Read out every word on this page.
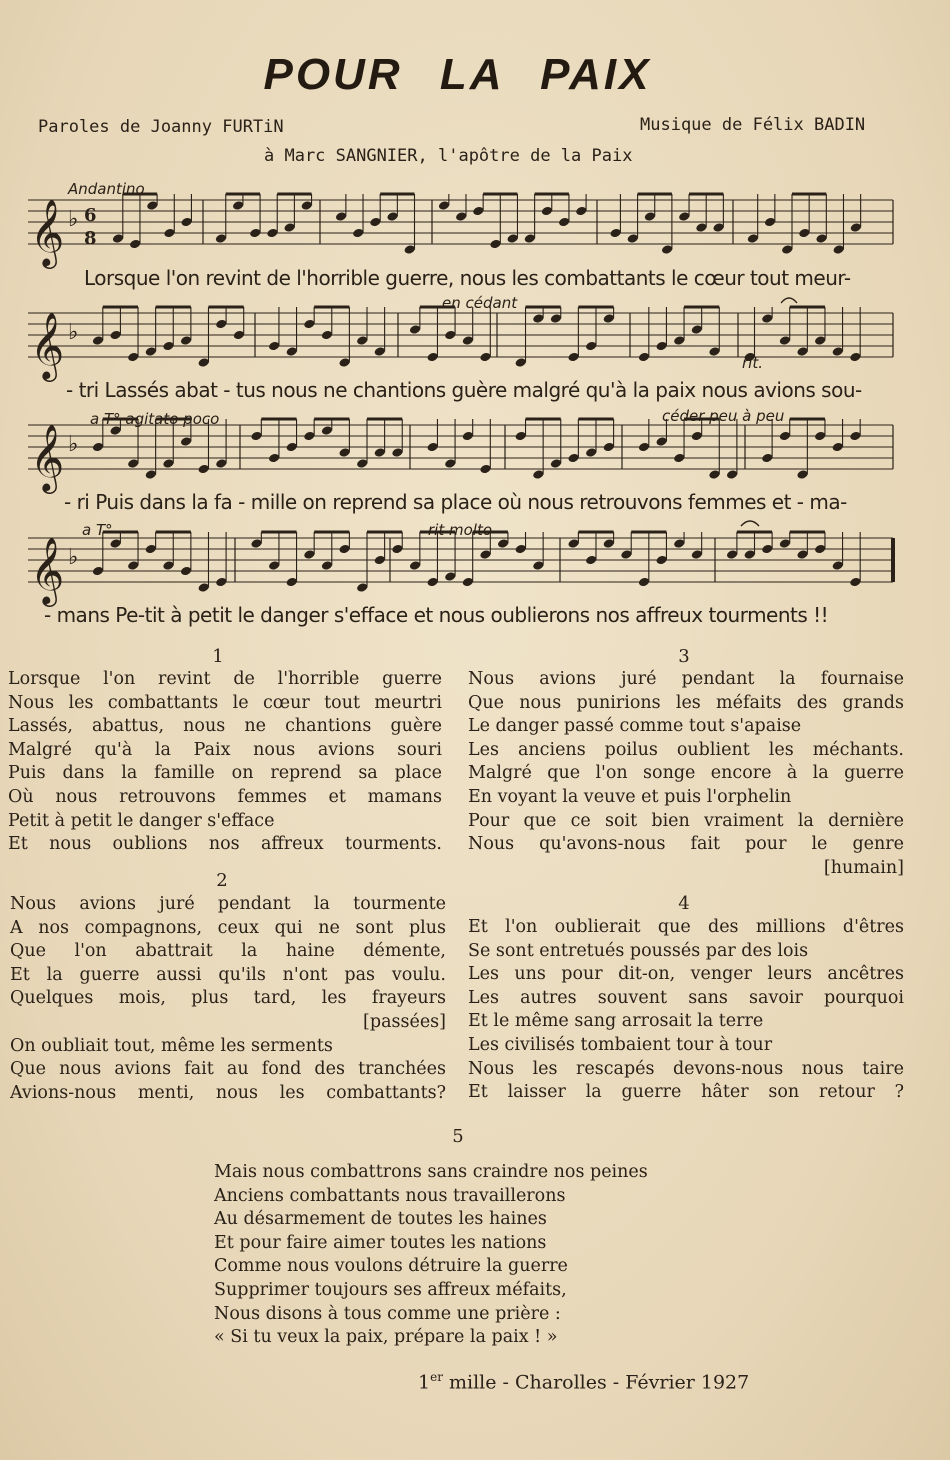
POUR LA PAIX
Paroles de Joanny FURTiN	Musique de Félix BADIN
à Marc SANGNIER, l'apôtre de la Paix
𝄞 ♭ 6
8
𝄞 ♭
𝄞 ♭
𝄞 ♭
Andantino
Lorsque l'on revint de l'horrible guerre, nous les combattants le cœur tout meur-
en cédant
rit.
- tri Lassés abat - tus nous ne chantions guère malgré qu'à la paix nous avions sou-
a T° agitato poco	céder peu à peu
- ri Puis dans la fa - mille on reprend sa place où nous retrouvons femmes et - ma-
a T°	rit molto
- mans Pe-tit à petit le danger s'efface et nous oublierons nos affreux tourments !!
1
Lorsque l'on revint de l'horrible guerre
Nous les combattants le cœur tout meurtri
Lassés, abattus, nous ne chantions guère
Malgré qu'à la Paix nous avions souri
Puis dans la famille on reprend sa place
Où nous retrouvons femmes et mamans
Petit à petit le danger s'efface
Et nous oublions nos affreux tourments.
2
Nous avions juré pendant la tourmente
A nos compagnons, ceux qui ne sont plus
Que l'on abattrait la haine démente,
Et la guerre aussi qu'ils n'ont pas voulu.
Quelques mois, plus tard, les frayeurs
[passées]
On oubliait tout, même les serments
Que nous avions fait au fond des tranchées
Avions-nous menti, nous les combattants?
3
Nous avions juré pendant la fournaise
Que nous punirions les méfaits des grands
Le danger passé comme tout s'apaise
Les anciens poilus oublient les méchants.
Malgré que l'on songe encore à la guerre
En voyant la veuve et puis l'orphelin
Pour que ce soit bien vraiment la dernière
Nous qu'avons-nous fait pour le genre
[humain]
4
Et l'on oublierait que des millions d'êtres
Se sont entretués poussés par des lois
Les uns pour dit-on, venger leurs ancêtres
Les autres souvent sans savoir pourquoi
Et le même sang arrosait la terre
Les civilisés tombaient tour à tour
Nous les rescapés devons-nous nous taire
Et laisser la guerre hâter son retour ?
5
Mais nous combattrons sans craindre nos peines
Anciens combattants nous travaillerons
Au désarmement de toutes les haines
Et pour faire aimer toutes les nations
Comme nous voulons détruire la guerre
Supprimer toujours ses affreux méfaits,
Nous disons à tous comme une prière :
« Si tu veux la paix, prépare la paix ! »
1er mille - Charolles - Février 1927
